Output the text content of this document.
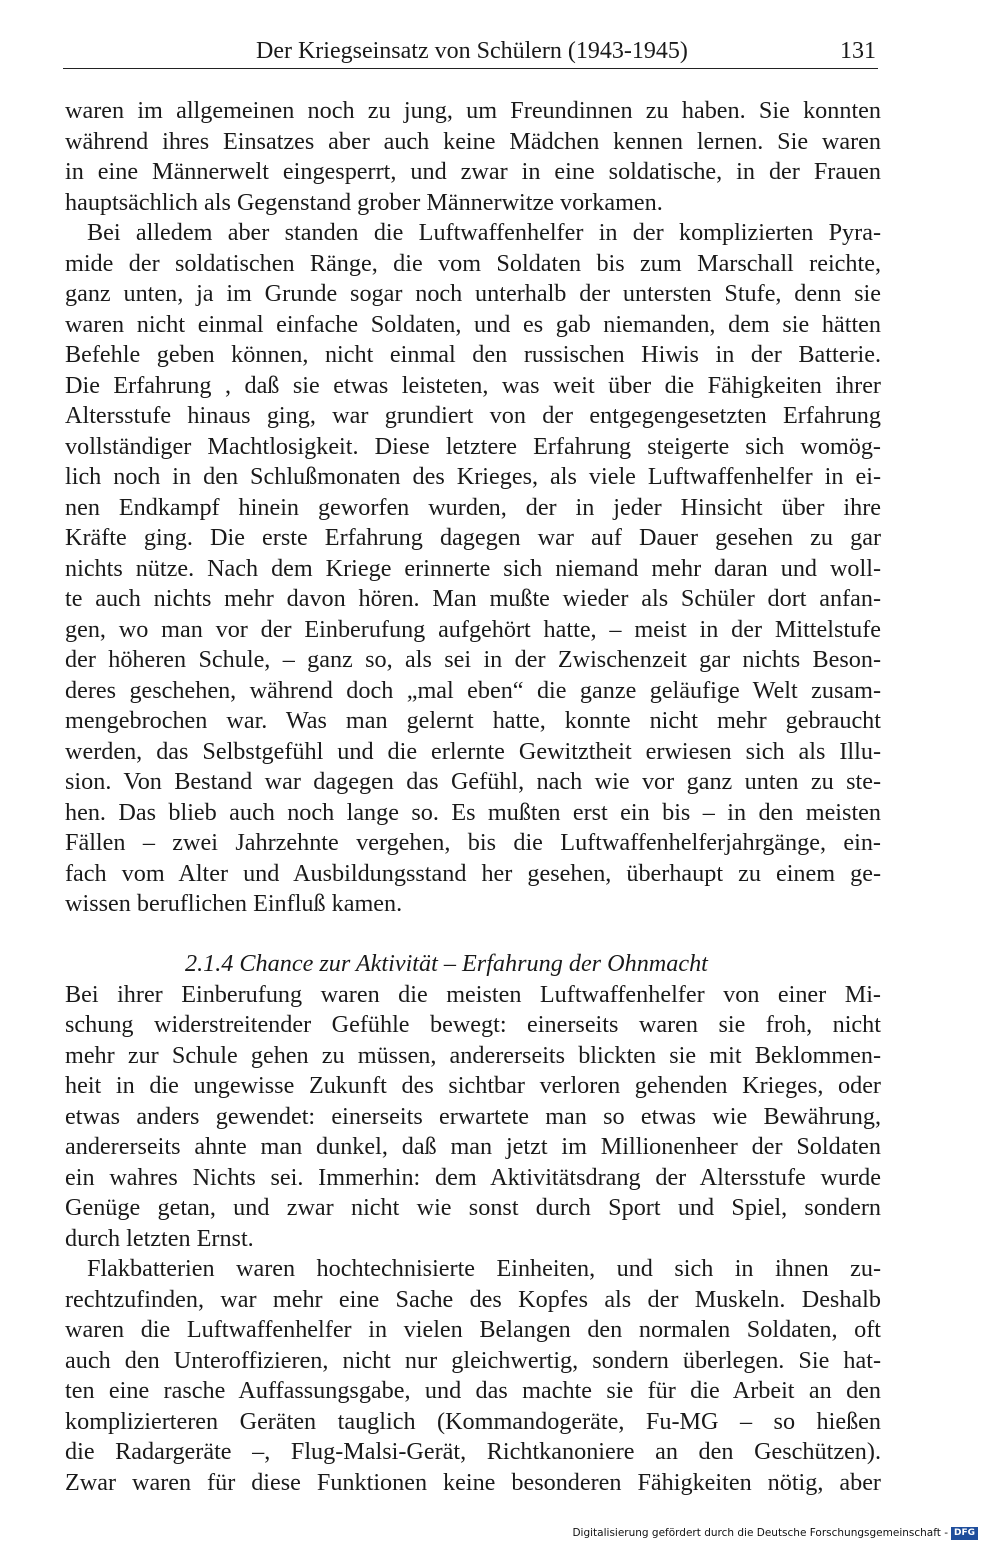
Der Kriegseinsatz von Schülern (1943-1945)	131
waren im allgemeinen noch zu jung, um Freundinnen zu haben. Sie konnten
während ihres Einsatzes aber auch keine Mädchen kennen lernen. Sie waren
in eine Männerwelt eingesperrt, und zwar in eine soldatische, in der Frauen
hauptsächlich als Gegenstand grober Männerwitze vorkamen.
Bei alledem aber standen die Luftwaffenhelfer in der komplizierten Pyra-
mide der soldatischen Ränge, die vom Soldaten bis zum Marschall reichte,
ganz unten, ja im Grunde sogar noch unterhalb der untersten Stufe, denn sie
waren nicht einmal einfache Soldaten, und es gab niemanden, dem sie hätten
Befehle geben können, nicht einmal den russischen Hiwis in der Batterie.
Die Erfahrung , daß sie etwas leisteten, was weit über die Fähigkeiten ihrer
Altersstufe hinaus ging, war grundiert von der entgegengesetzten Erfahrung
vollständiger Machtlosigkeit. Diese letztere Erfahrung steigerte sich womög-
lich noch in den Schlußmonaten des Krieges, als viele Luftwaffenhelfer in ei-
nen Endkampf hinein geworfen wurden, der in jeder Hinsicht über ihre
Kräfte ging. Die erste Erfahrung dagegen war auf Dauer gesehen zu gar
nichts nütze. Nach dem Kriege erinnerte sich niemand mehr daran und woll-
te auch nichts mehr davon hören. Man mußte wieder als Schüler dort anfan-
gen, wo man vor der Einberufung aufgehört hatte, – meist in der Mittelstufe
der höheren Schule, – ganz so, als sei in der Zwischenzeit gar nichts Beson-
deres geschehen, während doch „mal eben“ die ganze geläufige Welt zusam-
mengebrochen war. Was man gelernt hatte, konnte nicht mehr gebraucht
werden, das Selbstgefühl und die erlernte Gewitztheit erwiesen sich als Illu-
sion. Von Bestand war dagegen das Gefühl, nach wie vor ganz unten zu ste-
hen. Das blieb auch noch lange so. Es mußten erst ein bis – in den meisten
Fällen – zwei Jahrzehnte vergehen, bis die Luftwaffenhelferjahrgänge, ein-
fach vom Alter und Ausbildungsstand her gesehen, überhaupt zu einem ge-
wissen beruflichen Einfluß kamen.
2.1.4 Chance zur Aktivität – Erfahrung der Ohnmacht
Bei ihrer Einberufung waren die meisten Luftwaffenhelfer von einer Mi-
schung widerstreitender Gefühle bewegt: einerseits waren sie froh, nicht
mehr zur Schule gehen zu müssen, andererseits blickten sie mit Beklommen-
heit in die ungewisse Zukunft des sichtbar verloren gehenden Krieges, oder
etwas anders gewendet: einerseits erwartete man so etwas wie Bewährung,
andererseits ahnte man dunkel, daß man jetzt im Millionenheer der Soldaten
ein wahres Nichts sei. Immerhin: dem Aktivitätsdrang der Altersstufe wurde
Genüge getan, und zwar nicht wie sonst durch Sport und Spiel, sondern
durch letzten Ernst.
Flakbatterien waren hochtechnisierte Einheiten, und sich in ihnen zu-
rechtzufinden, war mehr eine Sache des Kopfes als der Muskeln. Deshalb
waren die Luftwaffenhelfer in vielen Belangen den normalen Soldaten, oft
auch den Unteroffizieren, nicht nur gleichwertig, sondern überlegen. Sie hat-
ten eine rasche Auffassungsgabe, und das machte sie für die Arbeit an den
komplizierteren Geräten tauglich (Kommandogeräte, Fu-MG – so hießen
die Radargeräte –, Flug-Malsi-Gerät, Richtkanoniere an den Geschützen).
Zwar waren für diese Funktionen keine besonderen Fähigkeiten nötig, aber
Digitalisierung gefördert durch die Deutsche Forschungsgemeinschaft - DFG
